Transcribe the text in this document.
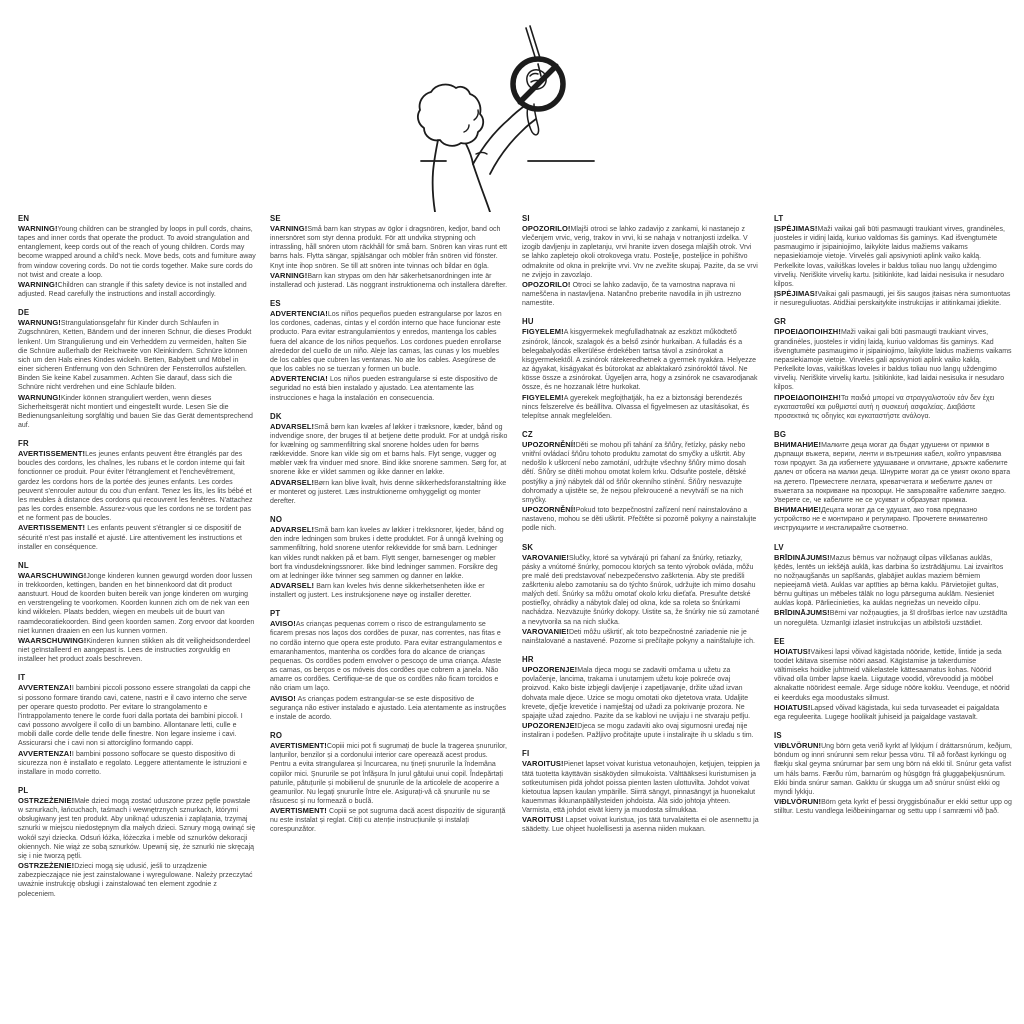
EN

WARNING!Young children can be strangled by loops in pull cords, chains, tapes and inner cords that operate the product. To avoid strangulation and entanglement, keep cords out of the reach of young children. Cords may become wrapped around a child's neck. Move beds, cots and furniture away from window covering cords. Do not tie cords together. Make sure cords do not twist and create a loop.

WARNING!Children can strangle if this safety device is not installed and adjusted. Read carefully the instructions and install accordingly.

DE

WARNUNG!Strangulationsgefahr für Kinder durch Schlaufen in Zugschnüren, Ketten, Bändern und der inneren Schnur, die dieses Produkt lenken!. Um Strangulierung und ein Verheddern zu vermeiden, halten Sie die Schnüre außerhalb der Reichweite von Kleinkindern. Schnüre können sich um den Hals eines Kindes wickeln. Betten, Babybett und Möbel in einer sicheren Entfernung von den Schnüren der Fensterrollos aufstellen. Binden Sie keine Kabel zusammen. Achten Sie darauf, dass sich die Schnüre nicht verdrehen und eine Schlaufe bilden.

WARNUNG!Kinder können stranguliert werden, wenn dieses Sicherheitsgerät nicht montiert und eingestellt wurde. Lesen Sie die Bedienungsanleitung sorgfältig und bauen Sie das Gerät dementsprechend auf.

FR

AVERTISSEMENT!Les jeunes enfants peuvent être étranglés par des boucles des cordons, les chaînes, les rubans et le cordon interne qui fait fonctionner ce produit. Pour éviter l'étranglement et l'enchevêtrement, gardez les cordons hors de la portée des jeunes enfants. Les cordes peuvent s'enrouler autour du cou d'un enfant. Tenez les lits, les lits bébé et les meubles à distance des cordons qui recouvrent les fenêtres. N'attachez pas les cordes ensemble. Assurez-vous que les cordons ne se tordent pas et ne forment pas de boucles.

AVERTISSEMENT! Les enfants peuvent s'étrangler si ce dispositif de sécurité n'est pas installé et ajusté. Lire attentivement les instructions et installer en conséquence.

NL

WAARSCHUWING!Jonge kinderen kunnen gewurgd worden door lussen in trekkoorden, kettingen, banden en het binnenkoord dat dit product aanstuurt. Houd de koorden buiten bereik van jonge kinderen om wurging en verstrengeling te voorkomen. Koorden kunnen zich om de nek van een kind wikkelen. Plaats bedden, wiegen en meubels uit de buurt van raamdecoratiekoorden. Bind geen koorden samen. Zorg ervoor dat koorden niet kunnen draaien en een lus kunnen vormen.

WAARSCHUWING!Kinderen kunnen stikken als dit veiligheidsonderdeel niet geïnstalleerd en aangepast is. Lees de instructies zorgvuldig en installeer het product zoals beschreven.

IT

AVVERTENZA!I bambini piccoli possono essere strangolati da cappi che si possono formare tirando cavi, catene, nastri e il cavo interno che serve per operare questo prodotto. Per evitare lo strangolamento e l'intrappolamento tenere le corde fuori dalla portata dei bambini piccoli. I cavi possono avvolgere il collo di un bambino. Allontanare letti, culle e mobili dalle corde delle tende delle finestre. Non legare insieme i cavi. Assicurarsi che i cavi non si attorciglino formando cappi.

AVVERTENZA!I bambini possono soffocare se questo dispositivo di sicurezza non è installato e regolato. Leggere attentamente le istruzioni e installare in modo corretto.

PL

OSTRZEŻENIE!Małe dzieci mogą zostać uduszone przez pętle powstałe w sznurkach, łańcuchach, taśmach i wewnętrznych sznurkach, którymi obsługiwany jest ten produkt. Aby uniknąć uduszenia i zaplątania, trzymaj sznurki w miejscu niedostępnym dla małych dzieci. Sznury mogą owinąć się wokół szyi dziecka. Odsuń łóżka, łóżeczka i meble od sznurków dekoracji okiennych. Nie wiąż ze sobą sznurków. Upewnij się, że sznurki nie skręcają się i nie tworzą pętli.

OSTRZEŻENIE!Dzieci mogą się udusić, jeśli to urządzenie zabezpieczające nie jest zainstalowane i wyregulowane. Należy przeczytać uważnie instrukcję obsługi i zainstalować ten element zgodnie z poleceniem.

SE

VARNING!Små barn kan strypas av öglor i dragsnören, kedjor, band och innersnöret som styr denna produkt. För att undvika strypning och intrassling, håll snören utom räckhåll för små barn. Snören kan viras runt ett barns hals. Flytta sängar, spjälsängar och möbler från snören vid fönster. Knyt inte ihop snören. Se till att snören inte tvinnas och bildar en ögla.

VARNING!Barn kan strypas om den här säkerhetsanordningen inte är installerad och justerad. Läs noggrant instruktionerna och installera därefter.

ES

ADVERTENCIA!Los niños pequeños pueden estrangularse por lazos en los cordones, cadenas, cintas y el cordón interno que hace funcionar este producto. Para evitar estrangulamientos y enredos, mantenga los cables fuera del alcance de los niños pequeños. Los cordones pueden enrollarse alrededor del cuello de un niño. Aleje las camas, las cunas y los muebles de los cables que cubren las ventanas. No ate los cables. Asegúrese de que los cables no se tuerzan y formen un bucle.

ADVERTENCIA! Los niños pueden estrangularse si este dispositivo de seguridad no está bien instalado y ajustado. Lea atentamente las instrucciones e haga la instalación en consecuencia.

DK

ADVARSEL!Små børn kan kvæles af løkker i træksnore, kæder, bånd og indvendige snore, der bruges til at betjene dette produkt. For at undgå risiko for kvælning og sammenfiltring skal snorene holdes uden for børns rækkevidde. Snore kan vikle sig om et barns hals. Flyt senge, vugger og møbler væk fra vinduer med snore. Bind ikke snorene sammen. Sørg for, at snorene ikke er viklet sammen og ikke danner en løkke.

ADVARSEL!Børn kan blive kvalt, hvis denne sikkerhedsforanstaltning ikke er monteret og justeret. Læs instruktionerne omhyggeligt og monter derefter.

NO

ADVARSEL!Små barn kan kveles av løkker i trekksnorer, kjeder, bånd og den indre ledningen som brukes i dette produktet. For å unngå kvelning og sammenfiltring, hold snorene utenfor rekkevidde for små barn. Ledninger kan vikles rundt nakken på et barn. Flytt senger, barnesenger og møbler bort fra vindusdekningssnorer. Ikke bind ledninger sammen. Forsikre deg om at ledninger ikke tvinner seg sammen og danner en løkke.

ADVARSEL! Barn kan kveles hvis denne sikkerhetsenheten ikke er installert og justert. Les instruksjonene nøye og installer deretter.

PT

AVISO!As crianças pequenas correm o risco de estrangulamento se ficarem presas nos laços dos cordões de puxar, nas correntes, nas fitas e no cordão interno que opera este produto. Para evitar estrangulamentos e emaranhamentos, mantenha os cordões fora do alcance de crianças pequenas. Os cordões podem envolver o pescoço de uma criança. Afaste as camas, os berços e os móveis dos cordões que cobrem a janela. Não amarre os cordões. Certifique-se de que os cordões não ficam torcidos e não criam um laço.

AVISO! As crianças podem estrangular-se se este dispositivo de segurança não estiver instalado e ajustado. Leia atentamente as instruções e instale de acordo.

RO

AVERTISMENT!Copiii mici pot fi sugrumați de bucle la tragerea șnururilor, lanțurilor, benzilor și a cordonului interior care operează acest produs. Pentru a evita strangularea și încurcarea, nu țineți șnururile la îndemâna copiilor mici. Șnururile se pot înfășura în jurul gâtului unui copil. Îndepărtați paturile, pătuțurile și mobilierul de șnururile de la articolele de acoperire a geamurilor. Nu legați șnururile între ele. Asigurați-vă că șnururile nu se răsucesc și nu formează o buclă.

AVERTISMENT! Copiii se pot sugruma dacă acest dispozitiv de siguranță nu este instalat și reglat. Citiți cu atenție instrucțiunile și instalați corespunzător.

SI

OPOZORILO!Mlajši otroci se lahko zadavijo z zankami, ki nastanejo z vlečenjem vrvic, verig, trakov in vrvi, ki se nahaja v notranjosti izdelka. V izogib davljenju in zapletanju, vrvi hranite izven dosega mlajših otrok. Vrvi se lahko zapletejo okoli otrokovega vratu. Postelje, posteljice in pohištvo odmaknite od okna in prekrijte vrvi. Vrv ne zvežite skupaj. Pazite, da se vrvi ne zvijejo in zavozlajo.

OPOZORILO! Otroci se lahko zadavijo, če ta varnostna naprava ni nameščena in nastavljena. Natančno preberite navodila in jih ustrezno namestite.

HU

FIGYELEM!A kisgyermekek megfulladhatnak az eszközt működtető zsinórok, láncok, szalagok és a belső zsinór hurkaiban. A fulladás és a belegabalyodás elkerülése érdekében tartsa távol a zsinórokat a kisgyermekektől. A zsinórok rátekeredhetnek a gyermek nyakára. Helyezze az ágyakat, kiságyakat és bútorokat az ablaktakaró zsinóroktól távol. Ne kösse össze a zsinórokat. Ügyeljen arra, hogy a zsinórok ne csavarodjanak össze, és ne hozzanak létre hurkokat.

FIGYELEM!A gyerekek megfojthatják, ha ez a biztonsági berendezés nincs felszerelve és beállítva. Olvassa el figyelmesen az utasításokat, és telepítse annak megfelelően.

CZ

UPOZORNĚNÍ!Děti se mohou při tahání za šňůry, řetízky, pásky nebo vnitřní ovládací šňůru tohoto produktu zamotat do smyčky a uškrtit. Aby nedošlo k uškrcení nebo zamotání, udržujte všechny šňůry mimo dosah dětí. Šňůry se dítěti mohou omotat kolem krku. Odsuňte postele, dětské postýlky a jiný nábytek dál od šňůr okenního stínění. Šňůry nesvazujte dohromady a ujistěte se, že nejsou překroucené a nevytváří se na nich smyčky.

UPOZORNĚNÍ!Pokud toto bezpečnostní zařízení není nainstalováno a nastaveno, mohou se děti uškrtit. Přečtěte si pozorně pokyny a nainstalujte podle nich.

SK

VAROVANIE!Slučky, ktoré sa vytvárajú pri ťahaní za šnúrky, retiazky, pásky a vnútorné šnúrky, pomocou ktorých sa tento výrobok ovláda, môžu pre malé deti predstavovať nebezpečenstvo zaškrtenia. Aby ste predišli zaškrteniu alebo zamotaniu sa do týchto šnúrok, udržujte ich mimo dosahu malých detí. Šnúrky sa môžu omotať okolo krku dieťaťa. Presuňte detské postieľky, ohrádky a nábytok ďalej od okna, kde sa roleta so šnúrkami nachádza. Nezväzujte šnúrky dokopy. Uistite sa, že šnúrky nie sú zamotané a nevytvorila sa na nich slučka.

VAROVANIE!Deti môžu uškrtiť, ak toto bezpečnostné zariadenie nie je nainštalované a nastavené. Pozorne si prečítajte pokyny a nainštalujte ich.

HR

UPOZORENJE!Mala djeca mogu se zadaviti omčama u užetu za povlačenje, lancima, trakama i unutarnjem užetu koje pokreće ovaj proizvod. Kako biste izbjegli davljenje i zapetljavanje, držite užad izvan dohvata male djece. Uzice se mogu omotati oko djetetova vrata. Udaljite krevete, dječje krevetiće i namještaj od užadi za pokrivanje prozora. Ne spajajte užad zajedno. Pazite da se kablovi ne uvijaju i ne stvaraju petlju.

UPOZORENJE!Djeca se mogu zadaviti ako ovaj sigurnosni uređaj nije instaliran i podešen. Pažljivo pročitajte upute i instalirajte ih u skladu s tim.

FI

VAROITUS!Pienet lapset voivat kuristua vetonauhojen, ketjujen, teippien ja tätä tuotetta käyttävän sisäköyden silmukoista. Välttääksesi kuristumisen ja sotkeutumisen pidä johdot poissa pienten lasten ulottuvilta. Johdot voivat kietoutua lapsen kaulan ympärille. Siirrä sängyt, pinnasängyt ja huonekalut kauemmas ikkunanpäällysteiden johdoista. Älä sido johtoja yhteen. Varmista, että johdot eivät kierry ja muodosta silmukkaa.

VAROITUS! Lapset voivat kuristua, jos tätä turvalaitetta ei ole asennettu ja säädetty. Lue ohjeet huolellisesti ja asenna niiden mukaan.

LT

ĮSPĖJIMAS!Maži vaikai gali būti pasmaugti traukiant virves, grandinėles, juosteles ir vidinį laidą, kuriuo valdomas šis gaminys. Kad išvengtumėte pasmaugimo ir įsipainiojimo, laikykite laidus mažiems vaikams nepasiekiamoje vietoje. Virvelės gali apsivynioti aplink vaiko kaklą. Perkelkite lovas, vaikiškas loveles ir baldus toliau nuo langų uždengimo virvelių. Neriškite virvelių kartu. Įsitikinkite, kad laidai nesisuka ir nesudaro kilpos.

ĮSPĖJIMAS!Vaikai gali pasmaugti, jei šis saugos įtaisas nėra sumontuotas ir nesureguliuotas. Atidžiai perskaitykite instrukcijas ir atitinkamai įdiekite.

GR

ΠΡΟΕΙΔΟΠΟΙΗΣΗ!Maži vaikai gali būti pasmaugti traukiant virves, grandinėles, juosteles ir vidinį laidą, kuriuo valdomas šis gaminys. Kad išvengtumėte pasmaugimo ir įsipainiojimo, laikykite laidus mažiems vaikams nepasiekiamoje vietoje. Virvelės gali apsivynioti aplink vaiko kaklą. Perkelkite lovas, vaikiškas loveles ir baldus toliau nuo langų uždengimo virvelių. Neriškite virvelių kartu. Įsitikinkite, kad laidai nesisuka ir nesudaro kilpos.

ΠΡΟΕΙΔΟΠΟΙΗΣΗ!Τα παιδιά μπορεί να στραγγαλιστούν εάν δεν έχει εγκατασταθεί και ρυθμιστεί αυτή η συσκευή ασφαλείας. Διαβάστε προσεκτικά τις οδηγίες και εγκαταστήστε ανάλογα.

BG

ВНИМАНИЕ!Малките деца могат да бъдат удушени от примки в дърпащи въжета, вериги, ленти и вътрешния кабел, който управлява този продукт. За да избегнете удушаване и оплитане, дръжте кабелите далеч от обсега на малки деца. Шнурите могат да се увият около врата на детето. Преместете леглата, креватчетата и мебелите далеч от въжетата за покриване на прозорци. Не завързвайте кабелите заедно. Уверете се, че кабелите не се усукват и образуват примка.

ВНИМАНИЕ!Децата могат да се удушат, ако това предпазно устройство не е монтирано и регулирано. Прочетете внимателно инструкциите и инсталирайте съответно.

LV

BRĪDINĀJUMS!Mazus bērnus var nožņaugt cilpas vilkšanas auklās, ķēdēs, lentēs un iekšējā auklā, kas darbina šo izstrādājumu. Lai izvairītos no nožņaugšanās un sapīšanās, glabājiet auklas maziem bērniem nepieejamā vietā. Auklas var aptīties ap bērna kaklu. Pārvietojiet gultas, bērnu gultiņas un mēbeles tālāk no logu pārseguma auklām. Nesieniet auklas kopā. Pārliecinieties, ka auklas negriežas un neveido cilpu.

BRĪDINĀJUMS!Bērni var nožņaugties, ja šī drošības ierīce nav uzstādīta un noregulēta. Uzmanīgi izlasiet instrukcijas un atbilstoši uzstādiet.

EE

HOIATUS!Väikesi lapsi võivad kägistada nööride, kettide, lintide ja seda toodet käitava sisemise nööri aasad. Kägistamise ja takerdumise vältimiseks hoidke juhtmeid väikelastele kättesaamatus kohas. Nöörid võivad olla ümber lapse kaela. Liigutage voodid, võrevoodid ja mööbel aknakatte nööridest eemale. Ärge siduge nööre kokku. Veenduge, et nöörid ei keerduks ega moodustaks silmust.

HOIATUS!Lapsed võivad kägistada, kui seda turvaseadet ei paigaldata ega reguleerita. Lugege hoolikalt juhiseid ja paigaldage vastavalt.

IS

VIÐLVÖRUN!Ung börn geta verið kyrkt af lykkjum í dráttarsnúrum, keðjum, böndum og innri snúrunni sem rekur þessa vöru. Til að forðast kyrkingu og flækju skal geyma snúrurnar þar sem ung börn ná ekki til. Snúrur geta vafist um háls barns. Færðu rúm, barnarúm og húsgögn frá gluggaþekjusnúrum. Ekki binda snúrur saman. Gakktu úr skugga um að snúrur snúist ekki og myndi lykkju.

VIÐLVÖRUN!Börn geta kyrkt ef þessi öryggisbúnaður er ekki settur upp og stilltur. Lestu vandlega leiðbeiningarnar og settu upp í samræmi við það.
